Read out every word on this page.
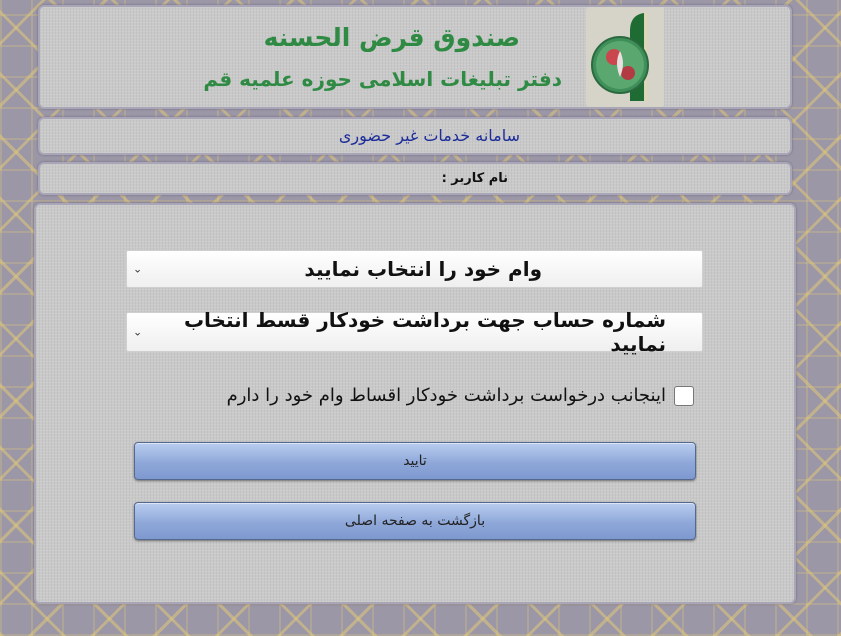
صندوق قرض الحسنه
دفتر تبلیغات اسلامی حوزه علمیه قم
سامانه خدمات غیر حضوری
نام کاربر :
وام خود را انتخاب نمایید
⌄
شماره حساب جهت برداشت خودکار قسط انتخاب نمایید
⌄
اینجانب درخواست برداشت خودکار اقساط وام خود را دارم
تایید
بازگشت به صفحه اصلی
